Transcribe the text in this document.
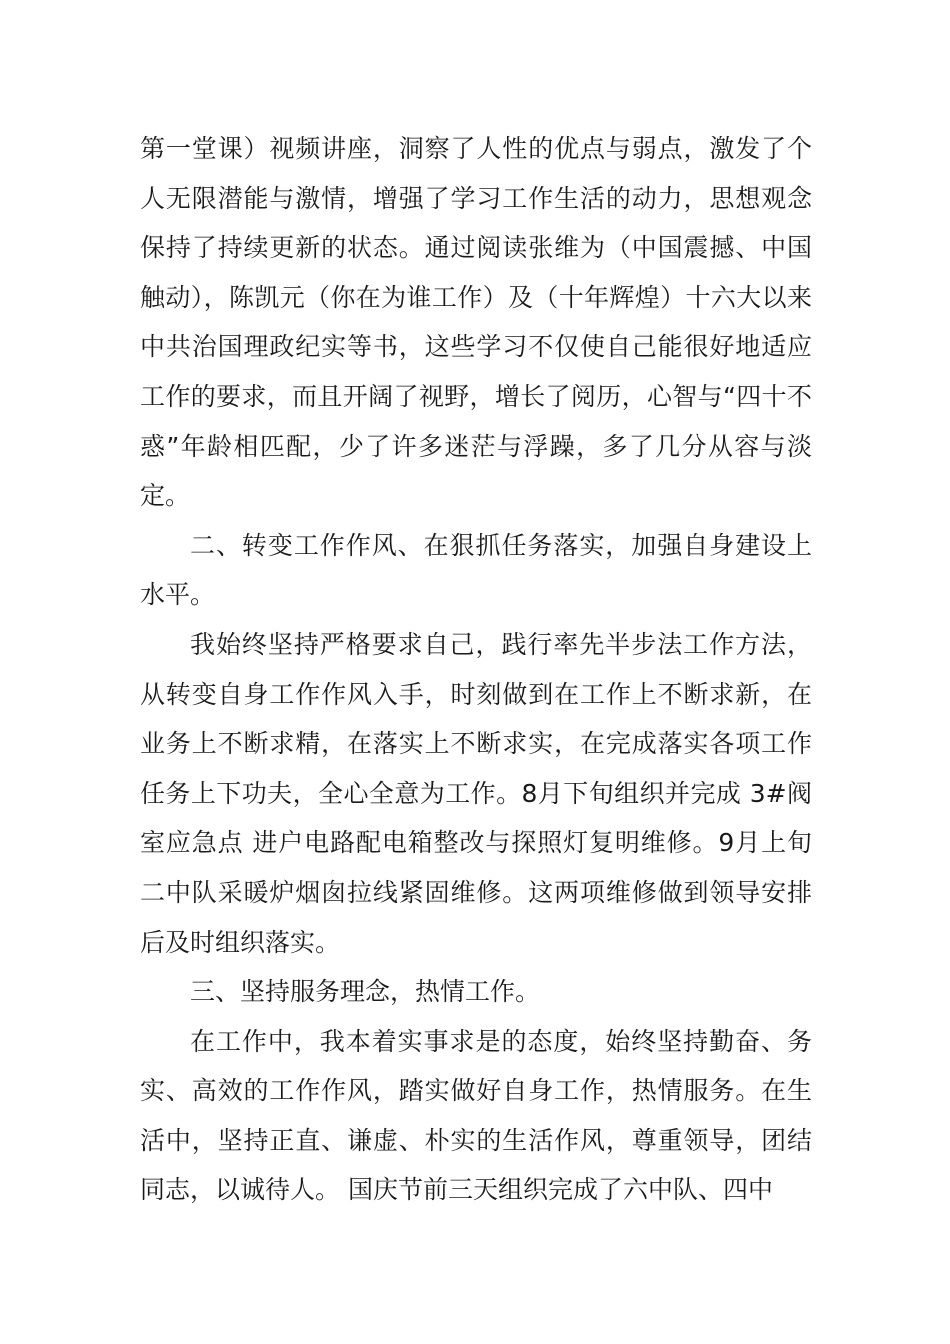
第一堂课）视频讲座，洞察了人性的优点与弱点，激发了个人无限潜能与激情，增强了学习工作生活的动力，思想观念保持了持续更新的状态。通过阅读张维为（中国震撼、中国触动），陈凯元（你在为谁工作）及（十年辉煌）十六大以来中共治国理政纪实等书，这些学习不仅使自己能很好地适应工作的要求，而且开阔了视野，增长了阅历，心智与“四十不惑”年龄相匹配，少了许多迷茫与浮躁，多了几分从容与淡定。

二、转变工作作风、在狠抓任务落实，加强自身建设上水平。

我始终坚持严格要求自己，践行率先半步法工作方法，从转变自身工作作风入手，时刻做到在工作上不断求新，在业务上不断求精，在落实上不断求实，在完成落实各项工作任务上下功夫，全心全意为工作。8月下旬组织并完成 3#阀室应急点 进户电路配电箱整改与探照灯复明维修。9月上旬二中队采暖炉烟囱拉线紧固维修。这两项维修做到领导安排后及时组织落实。

三、坚持服务理念，热情工作。

在工作中，我本着实事求是的态度，始终坚持勤奋、务实、高效的工作作风，踏实做好自身工作，热情服务。在生活中，坚持正直、谦虚、朴实的生活作风，尊重领导，团结同志，以诚待人。 国庆节前三天组织完成了六中队、四中
